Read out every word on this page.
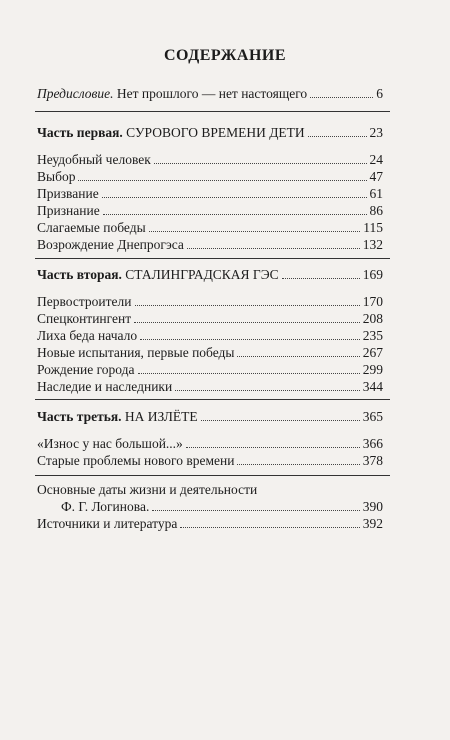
СОДЕРЖАНИЕ
Предисловие. Нет прошлого — нет настоящего	6
Часть первая. СУРОВОГО ВРЕМЕНИ ДЕТИ	23
Неудобный человек	24
Выбор	47
Призвание	61
Признание	86
Слагаемые победы	115
Возрождение Днепрогэса	132
Часть вторая. СТАЛИНГРАДСКАЯ ГЭС	169
Первостроители	170
Спецконтингент	208
Лиха беда начало	235
Новые испытания, первые победы	267
Рождение города	299
Наследие и наследники	344
Часть третья. НА ИЗЛЁТЕ	365
«Износ у нас большой...»	366
Старые проблемы нового времени	378
Основные даты жизни и деятельности
Ф. Г. Логинова.	390
Источники и литература	392
